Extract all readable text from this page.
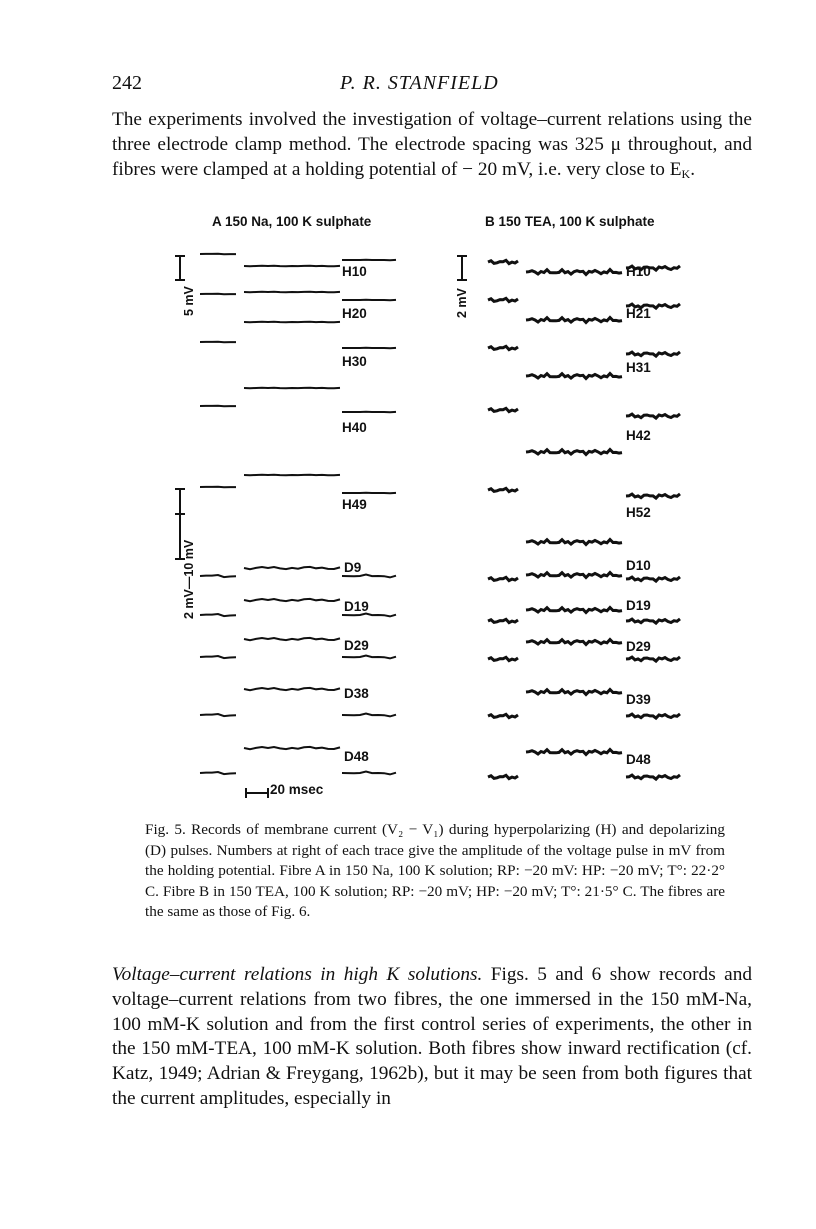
242	P. R. STANFIELD

The experiments involved the investigation of voltage–current relations using the three electrode clamp method. The electrode spacing was 325 μ throughout, and fibres were clamped at a holding potential of − 20 mV, i.e. very close to $E_K$.

A 150 Na, 100 K sulphate	B 150 TEA, 100 K sulphate
5 mV
2 mV—10 mV
2 mV
20 msec
H10
H20
H30
H40
H49
D9
D19
D29
D38
D48
H10
H21
H31
H42
H52
D10
D19
D29
D39
D48

Fig. 5. Records of membrane current (V₂ − V₁) during hyperpolarizing (H) and depolarizing (D) pulses. Numbers at right of each trace give the amplitude of the voltage pulse in mV from the holding potential. Fibre A in 150 Na, 100 K solution; RP: −20 mV: HP: −20 mV; T°: 22·2° C. Fibre B in 150 TEA, 100 K solution; RP: −20 mV; HP: −20 mV; T°: 21·5° C. The fibres are the same as those of Fig. 6.

Voltage–current relations in high K solutions. Figs. 5 and 6 show records and voltage–current relations from two fibres, the one immersed in the 150 mM-Na, 100 mM-K solution and from the first control series of experiments, the other in the 150 mM-TEA, 100 mM-K solution. Both fibres show inward rectification (cf. Katz, 1949; Adrian & Freygang, 1962b), but it may be seen from both figures that the current amplitudes, especially in
